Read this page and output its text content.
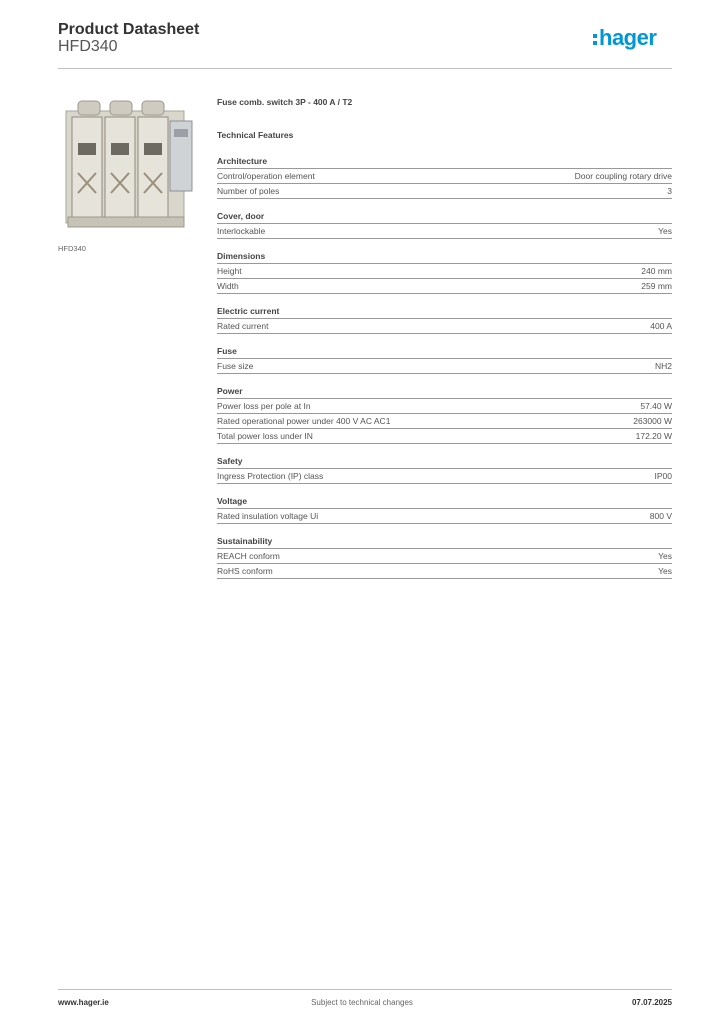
Product Datasheet
HFD340	hager
HFD340
Fuse comb. switch 3P - 400 A / T2
Technical Features
Architecture
Control/operation element	Door coupling rotary drive
Number of poles	3
Cover, door
Interlockable	Yes
Dimensions
Height	240 mm
Width	259 mm
Electric current
Rated current	400 A
Fuse
Fuse size	NH2
Power
Power loss per pole at In	57.40 W
Rated operational power under 400 V AC AC1	263000 W
Total power loss under IN	172.20 W
Safety
Ingress Protection (IP) class	IP00
Voltage
Rated insulation voltage Ui	800 V
Sustainability
REACH conform	Yes
RoHS conform	Yes
www.hager.ie	Subject to technical changes	07.07.2025
